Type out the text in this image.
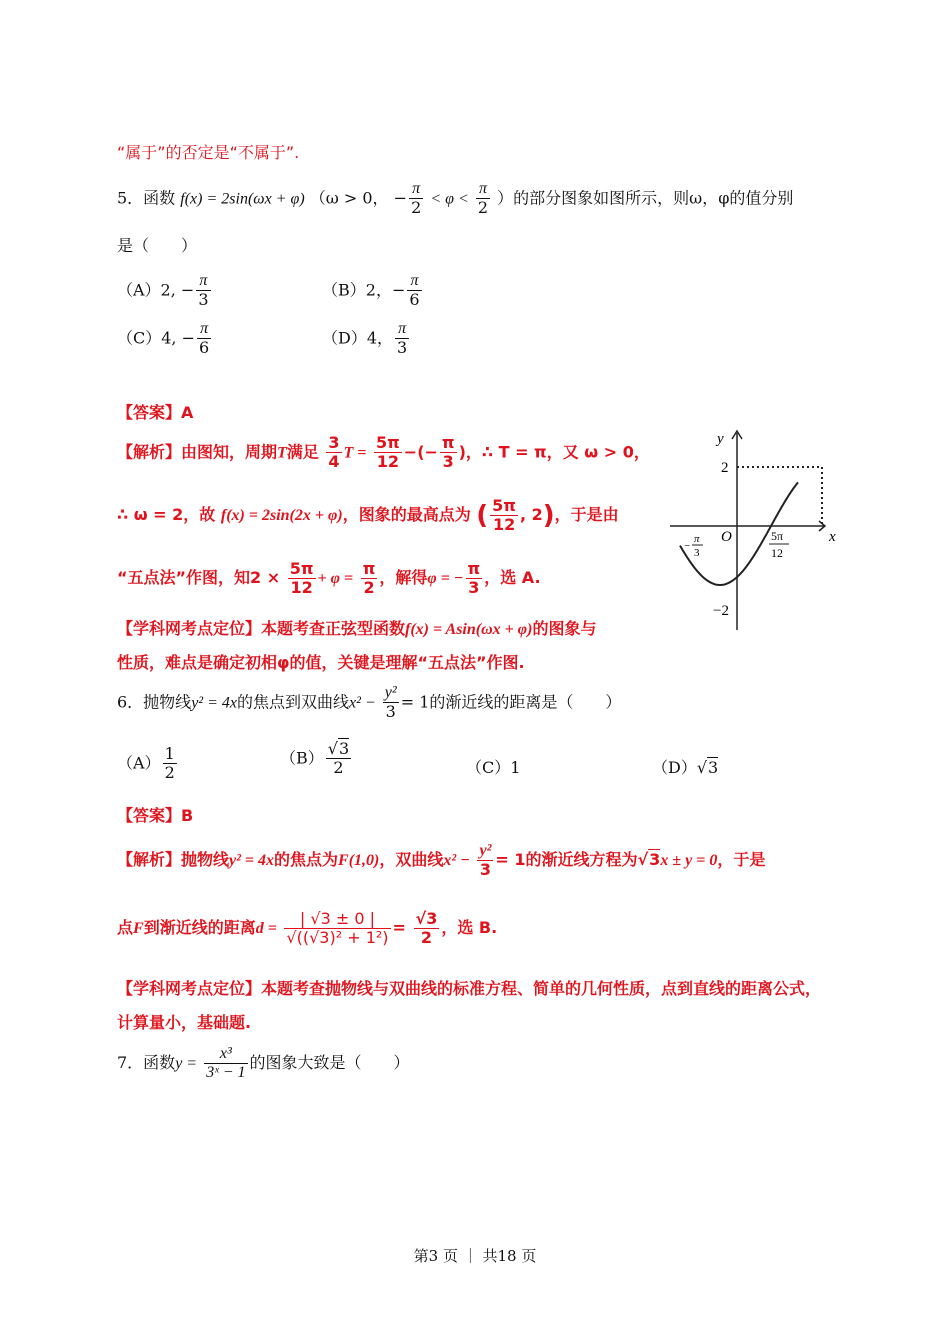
“属于”的否定是“不属于”.
5．函数 f(x) = 2sin(ωx + φ) （ω > 0， − $\frac{\pi}{2} < \varphi < \frac{\pi}{2}$ ）的部分图象如图所示，则ω，φ的值分别
是（　　）
（A）2, − $\frac{\pi}{3}$	（B）2，− $\frac{\pi}{6}$
（C）4, − $\frac{\pi}{6}$	（D）4， $\frac{\pi}{3}$
【答案】A
【解析】由图知，周期T满足 $\frac{3}{4}$ $T = \frac{5\pi}{12}$ −(− $\frac{\pi}{3}$ )，∴ T = π，又 ω > 0，
∴ ω = 2，故 f(x) = 2sin(2x + φ)，图象的最高点为 ( $\frac{5\pi}{12}$ , 2)，于是由
“五点法”作图，知$2 \times \frac{5\pi}{12} + \varphi = \frac{\pi}{2}$ ，解得φ = − $\frac{\pi}{3}$ ，选 A.
【学科网考点定位】本题考查正弦型函数f(x) = Asin(ωx + φ)的图象与
性质，难点是确定初相φ的值，关键是理解“五点法”作图.
y
x
O
2
−2
−
π
3
5π
12
6．抛物线y² = 4x的焦点到双曲线$x^2 - \frac{\text{y²}}{3} = 1$的渐近线的距离是（　　）
$(A) \frac{1}{2}$	$(B) \frac{√3}{2}$	（C）1	（D）√3
【答案】B
【解析】抛物线y² = 4x的焦点为F(1,0)，双曲线$x^2 - \frac{\text{y²}}{3} = 1$的渐近线方程为√3x ± y = 0，于是
点F到渐近线的距离$d = \frac{| √3 \pm 0 |}{\text{√((√3)² + 1²)}} = \frac{√3}{2}$ ，选 B.
【学科网考点定位】本题考查抛物线与双曲线的标准方程、简单的几何性质，点到直线的距离公式，
计算量小，基础题.
7．函数$y = \frac{\text{x³}}{\text{3ˣ − 1}}$ 的图象大致是（　　）
第3 页 ｜ 共18 页
